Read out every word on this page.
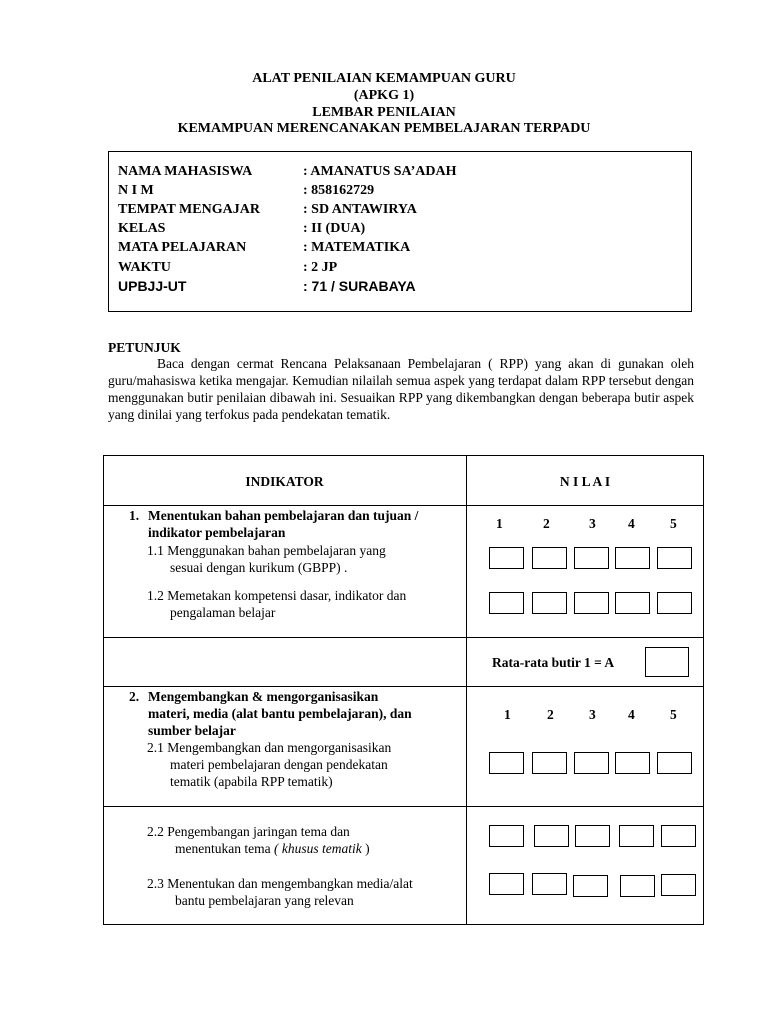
ALAT PENILAIAN KEMAMPUAN GURU
(APKG 1)
LEMBAR PENILAIAN
KEMAMPUAN MERENCANAKAN PEMBELAJARAN TERPADU
NAMA MAHASISWA	: AMANATUS SA’ADAH
N I M	: 858162729
TEMPAT MENGAJAR	: SD ANTAWIRYA
KELAS	: II (DUA)
MATA PELAJARAN	: MATEMATIKA
WAKTU	: 2 JP
UPBJJ-UT	: 71 / SURABAYA
PETUNJUK
Baca dengan cermat Rencana Pelaksanaan Pembelajaran ( RPP) yang akan di gunakan oleh guru/mahasiswa ketika mengajar. Kemudian nilailah semua aspek yang terdapat dalam RPP tersebut dengan menggunakan butir penilaian dibawah ini. Sesuaikan RPP yang dikembangkan dengan beberapa butir aspek yang dinilai yang terfokus pada pendekatan tematik.
INDIKATOR	N I L A I
1. Menentukan bahan pembelajaran dan tujuan /
indikator pembelajaran
1	2	3 4	5
1.1 Menggunakan bahan pembelajaran yang
sesuai dengan kurikum (GBPP) .
1.2 Memetakan kompetensi dasar, indikator dan
pengalaman belajar
Rata-rata butir 1 = A
2. Mengembangkan & mengorganisasikan
materi, media (alat bantu pembelajaran), dan
sumber belajar
1	2	3 4	5
2.1 Mengembangkan dan mengorganisasikan
materi pembelajaran dengan pendekatan
tematik (apabila RPP tematik)
2.2 Pengembangan jaringan tema dan
menentukan tema ( khusus tematik )
2.3 Menentukan dan mengembangkan media/alat
bantu pembelajaran yang relevan
